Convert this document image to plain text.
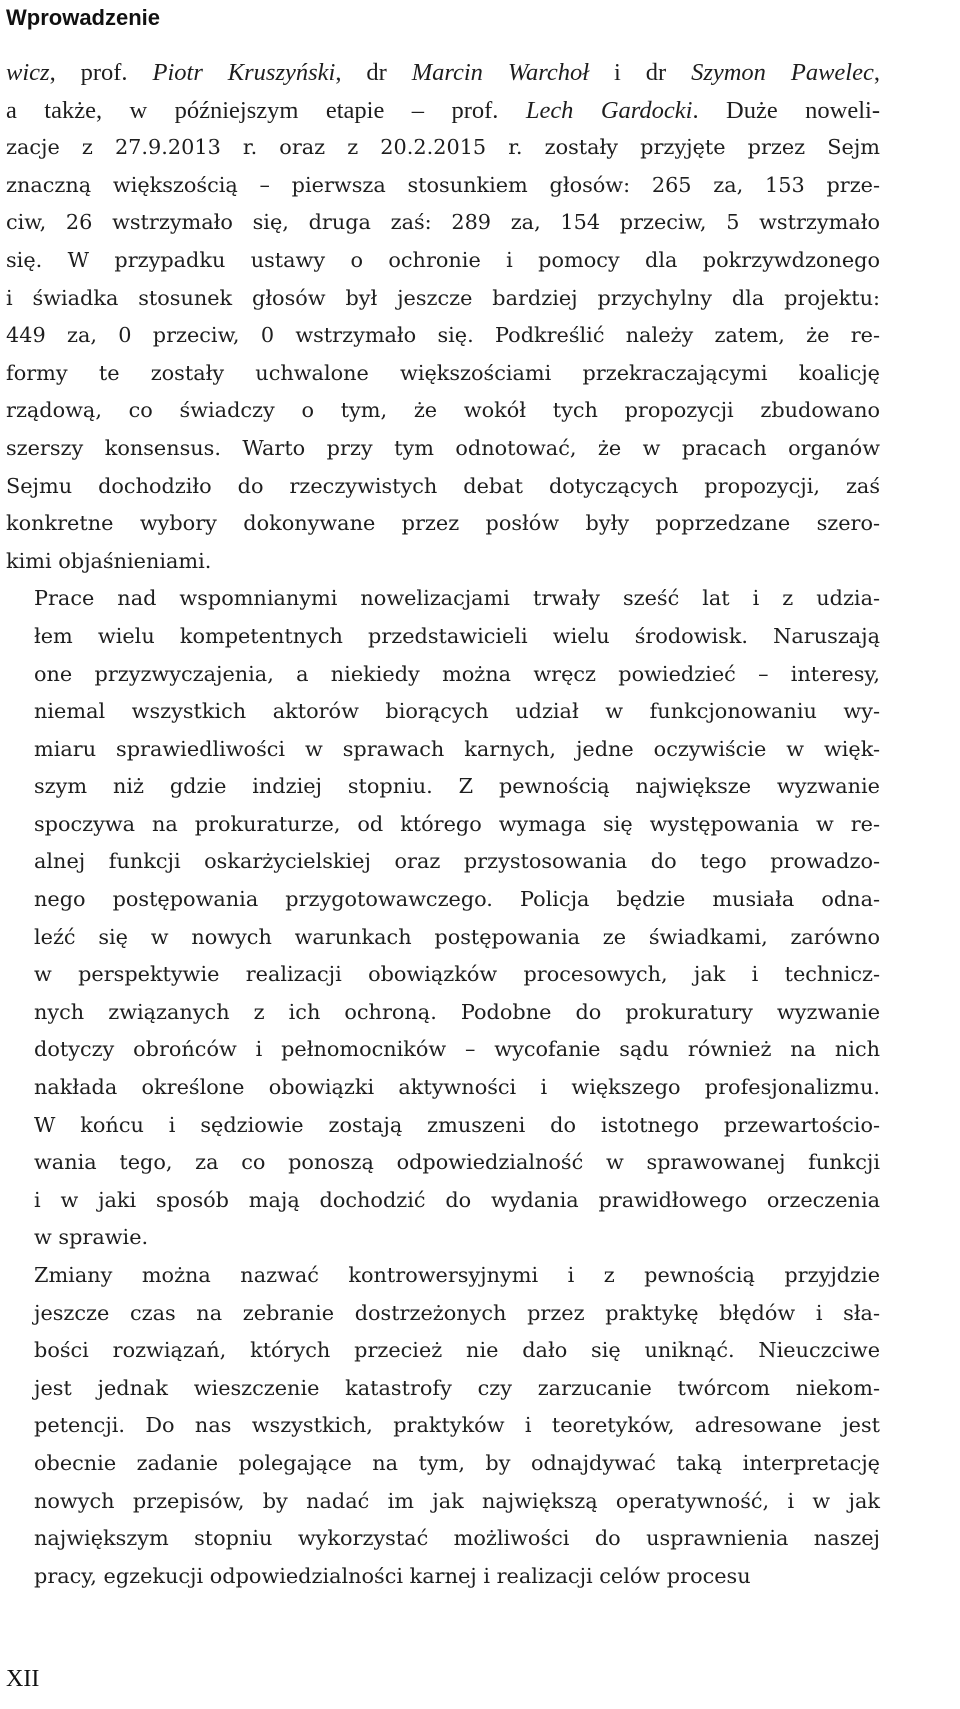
Wprowadzenie
wicz, prof. Piotr Kruszyński, dr Marcin Warchoł i dr Szymon Pawelec,
a także, w późniejszym etapie – prof. Lech Gardocki. Duże noweli-
zacje z 27.9.2013 r. oraz z 20.2.2015 r. zostały przyjęte przez Sejm
znaczną większością – pierwsza stosunkiem głosów: 265 za, 153 prze-
ciw, 26 wstrzymało się, druga zaś: 289 za, 154 przeciw, 5 wstrzymało
się. W przypadku ustawy o ochronie i pomocy dla pokrzywdzonego
i świadka stosunek głosów był jeszcze bardziej przychylny dla projektu:
449 za, 0 przeciw, 0 wstrzymało się. Podkreślić należy zatem, że re-
formy te zostały uchwalone większościami przekraczającymi koalicję
rządową, co świadczy o tym, że wokół tych propozycji zbudowano
szerszy konsensus. Warto przy tym odnotować, że w pracach organów
Sejmu dochodziło do rzeczywistych debat dotyczących propozycji, zaś
konkretne wybory dokonywane przez posłów były poprzedzane szero-
kimi objaśnieniami.
Prace nad wspomnianymi nowelizacjami trwały sześć lat i z udzia-
łem wielu kompetentnych przedstawicieli wielu środowisk. Naruszają
one przyzwyczajenia, a niekiedy można wręcz powiedzieć – interesy,
niemal wszystkich aktorów biorących udział w funkcjonowaniu wy-
miaru sprawiedliwości w sprawach karnych, jedne oczywiście w więk-
szym niż gdzie indziej stopniu. Z pewnością największe wyzwanie
spoczywa na prokuraturze, od którego wymaga się występowania w re-
alnej funkcji oskarżycielskiej oraz przystosowania do tego prowadzo-
nego postępowania przygotowawczego. Policja będzie musiała odna-
leźć się w nowych warunkach postępowania ze świadkami, zarówno
w perspektywie realizacji obowiązków procesowych, jak i technicz-
nych związanych z ich ochroną. Podobne do prokuratury wyzwanie
dotyczy obrońców i pełnomocników – wycofanie sądu również na nich
nakłada określone obowiązki aktywności i większego profesjonalizmu.
W końcu i sędziowie zostają zmuszeni do istotnego przewartościo-
wania tego, za co ponoszą odpowiedzialność w sprawowanej funkcji
i w jaki sposób mają dochodzić do wydania prawidłowego orzeczenia
w sprawie.
Zmiany można nazwać kontrowersyjnymi i z pewnością przyjdzie
jeszcze czas na zebranie dostrzeżonych przez praktykę błędów i sła-
bości rozwiązań, których przecież nie dało się uniknąć. Nieuczciwe
jest jednak wieszczenie katastrofy czy zarzucanie twórcom niekom-
petencji. Do nas wszystkich, praktyków i teoretyków, adresowane jest
obecnie zadanie polegające na tym, by odnajdywać taką interpretację
nowych przepisów, by nadać im jak największą operatywność, i w jak
największym stopniu wykorzystać możliwości do usprawnienia naszej
pracy, egzekucji odpowiedzialności karnej i realizacji celów procesu
XII
